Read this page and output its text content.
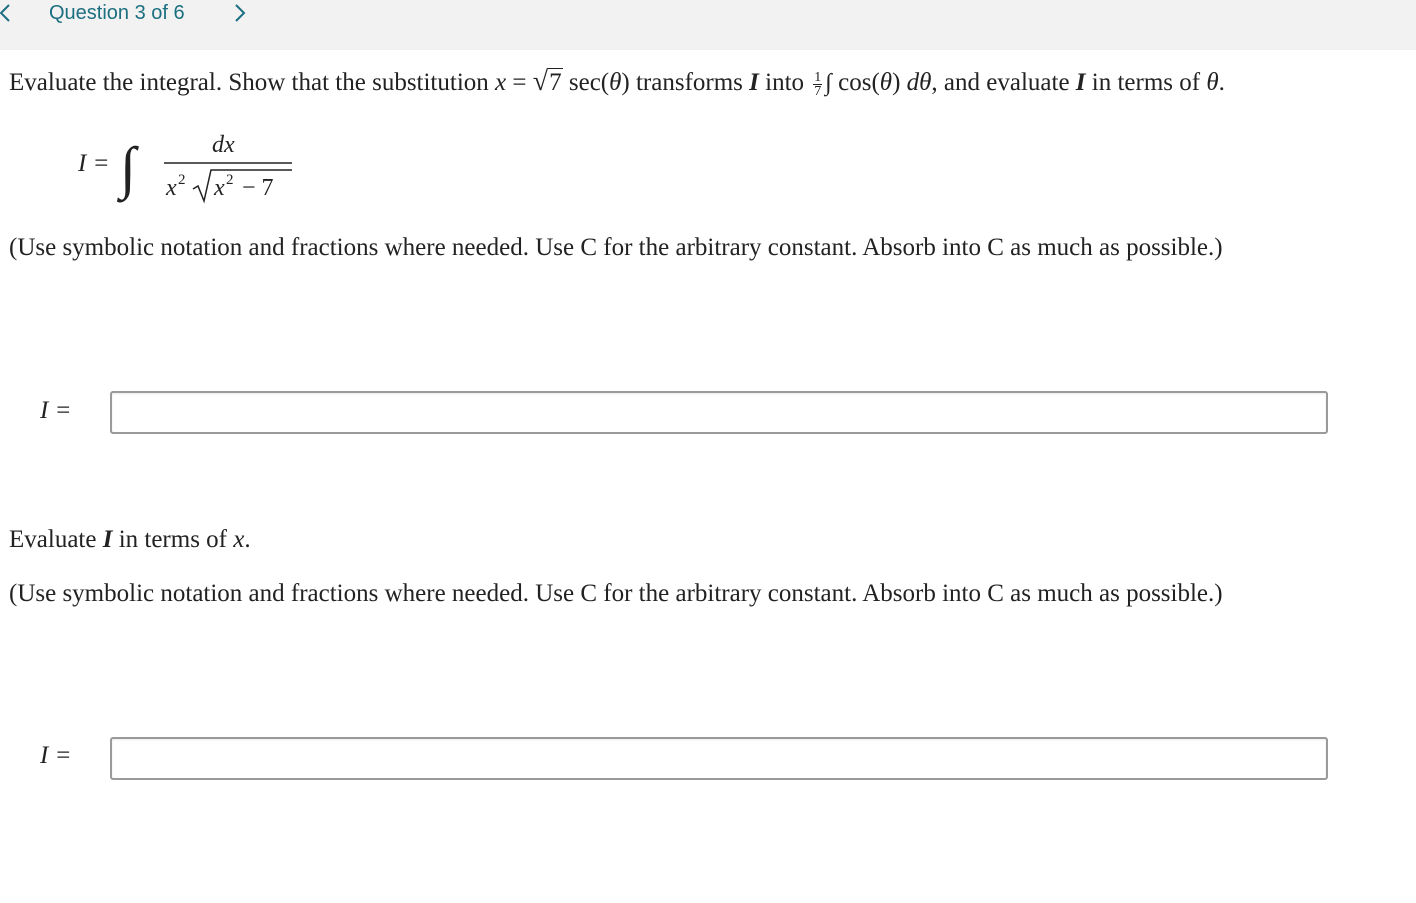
Question 3 of 6
Evaluate the integral. Show that the substitution x = √7 sec(θ) transforms I into $\frac{1}{7}$ ∫ cos(θ) dθ, and evaluate I in terms of θ.
I = ∫	dx
x 2 x 2 − 7
(Use symbolic notation and fractions where needed. Use C for the arbitrary constant. Absorb into C as much as possible.)
I =
Evaluate I in terms of x.
(Use symbolic notation and fractions where needed. Use C for the arbitrary constant. Absorb into C as much as possible.)
I =
